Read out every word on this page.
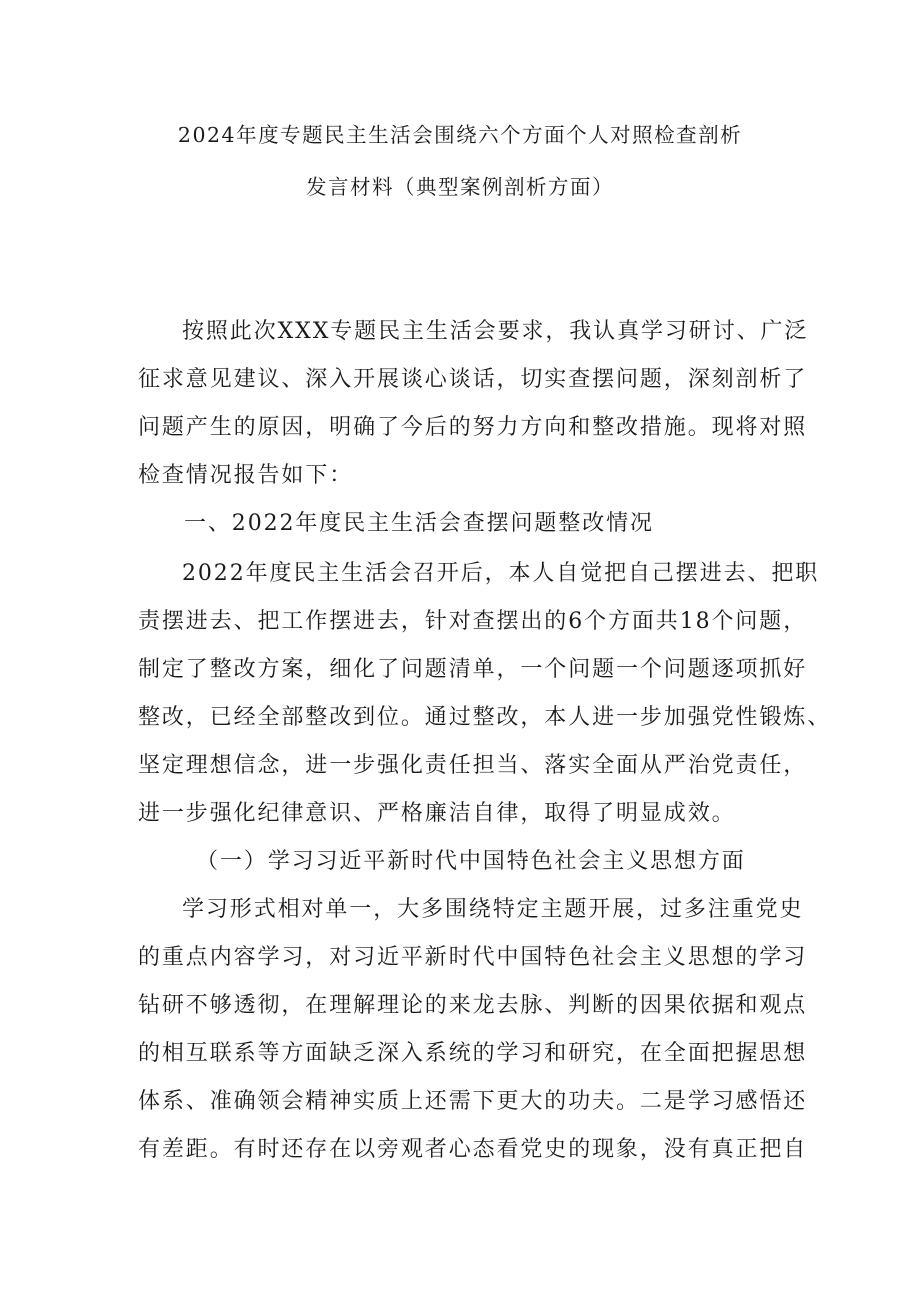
2024年度专题民主生活会围绕六个方面个人对照检查剖析
发言材料（典型案例剖析方面）
按照此次XXX专题民主生活会要求，我认真学习研讨、广泛
征求意见建议、深入开展谈心谈话，切实查摆问题，深刻剖析了
问题产生的原因，明确了今后的努力方向和整改措施。现将对照
检查情况报告如下：
一、2022年度民主生活会查摆问题整改情况
2022年度民主生活会召开后，本人自觉把自己摆进去、把职
责摆进去、把工作摆进去，针对查摆出的6个方面共18个问题，
制定了整改方案，细化了问题清单，一个问题一个问题逐项抓好
整改，已经全部整改到位。通过整改，本人进一步加强党性锻炼、
坚定理想信念，进一步强化责任担当、落实全面从严治党责任，
进一步强化纪律意识、严格廉洁自律，取得了明显成效。
（一）学习习近平新时代中国特色社会主义思想方面
学习形式相对单一，大多围绕特定主题开展，过多注重党史
的重点内容学习，对习近平新时代中国特色社会主义思想的学习
钻研不够透彻，在理解理论的来龙去脉、判断的因果依据和观点
的相互联系等方面缺乏深入系统的学习和研究，在全面把握思想
体系、准确领会精神实质上还需下更大的功夫。二是学习感悟还
有差距。有时还存在以旁观者心态看党史的现象，没有真正把自
